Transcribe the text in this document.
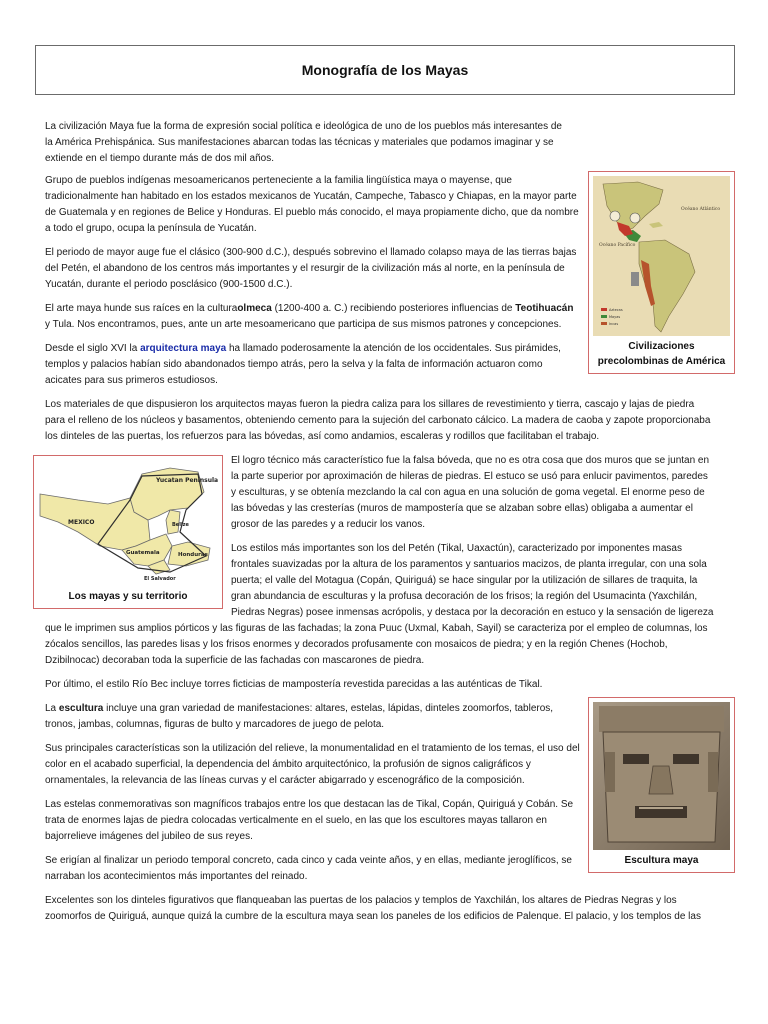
Monografía de los Mayas

La civilización Maya fue la forma de expresión social política e ideológica de uno de los pueblos más interesantes de la América Prehispánica. Sus manifestaciones abarcan todas las técnicas y materiales que podamos imaginar y se extiende en el tiempo durante más de dos mil años.

Océano Atlántico
Océano Pacífico
Aztecas
Mayas
Incas
Civilizaciones precolombinas de América

Grupo de pueblos indígenas mesoamericanos perteneciente a la familia lingüística maya o mayense, que tradicionalmente han habitado en los estados mexicanos de Yucatán, Campeche, Tabasco y Chiapas, en la mayor parte de Guatemala y en regiones de Belice y Honduras. El pueblo más conocido, el maya propiamente dicho, que da nombre a todo el grupo, ocupa la península de Yucatán.

El periodo de mayor auge fue el clásico (300-900 d.C.), después sobrevino el llamado colapso maya de las tierras bajas del Petén, el abandono de los centros más importantes y el resurgir de la civilización más al norte, en la península de Yucatán, durante el periodo posclásico (900-1500 d.C.).

El arte maya hunde sus raíces en la culturaolmeca (1200-400 a. C.) recibiendo posteriores influencias de Teotihuacán y Tula. Nos encontramos, pues, ante un arte mesoamericano que participa de sus mismos patrones y concepciones.

Desde el siglo XVI la arquitectura maya ha llamado poderosamente la atención de los occidentales. Sus pirámides, templos y palacios habían sido abandonados tiempo atrás, pero la selva y la falta de información actuaron como acicates para sus primeros estudiosos.

Los materiales de que dispusieron los arquitectos mayas fueron la piedra caliza para los sillares de revestimiento y tierra, cascajo y lajas de piedra para el relleno de los núcleos y basamentos, obteniendo cemento para la sujeción del carbonato cálcico. La madera de caoba y zapote proporcionaba los dinteles de las puertas, los refuerzos para las bóvedas, así como andamios, escaleras y rodillos que facilitaban el trabajo.

Yucatan Peninsula
MEXICO	Belize
Guatemala	Honduras
El Salvador
Los mayas y su territorio

El logro técnico más característico fue la falsa bóveda, que no es otra cosa que dos muros que se juntan en la parte superior por aproximación de hileras de piedras. El estuco se usó para enlucir pavimentos, paredes y esculturas, y se obtenía mezclando la cal con agua en una solución de goma vegetal. El enorme peso de las bóvedas y las cresterías (muros de mampostería que se alzaban sobre ellas) obligaba a aumentar el grosor de las paredes y a reducir los vanos.

Los estilos más importantes son los del Petén (Tikal, Uaxactún), caracterizado por imponentes masas frontales suavizadas por la altura de los paramentos y santuarios macizos, de planta irregular, con una sola puerta; el valle del Motagua (Copán, Quiriguá) se hace singular por la utilización de sillares de traquita, la gran abundancia de esculturas y la profusa decoración de los frisos; la región del Usumacinta (Yaxchilán, Piedras Negras) posee inmensas acrópolis, y destaca por la decoración en estuco y la sensación de ligereza que le imprimen sus amplios pórticos y las figuras de las fachadas; la zona Puuc (Uxmal, Kabah, Sayil) se caracteriza por el empleo de columnas, los zócalos sencillos, las paredes lisas y los frisos enormes y decorados profusamente con mosaicos de piedra; y en la región Chenes (Hochob, Dzibilnocac) decoraban toda la superficie de las fachadas con mascarones de piedra.

Por último, el estilo Río Bec incluye torres ficticias de mampostería revestida parecidas a las auténticas de Tikal.

Escultura maya

La escultura incluye una gran variedad de manifestaciones: altares, estelas, lápidas, dinteles zoomorfos, tableros, tronos, jambas, columnas, figuras de bulto y marcadores de juego de pelota.

Sus principales características son la utilización del relieve, la monumentalidad en el tratamiento de los temas, el uso del color en el acabado superficial, la dependencia del ámbito arquitectónico, la profusión de signos caligráficos y ornamentales, la relevancia de las líneas curvas y el carácter abigarrado y escenográfico de la composición.

Las estelas conmemorativas son magníficos trabajos entre los que destacan las de Tikal, Copán, Quiriguá y Cobán. Se trata de enormes lajas de piedra colocadas verticalmente en el suelo, en las que los escultores mayas tallaron en bajorrelieve imágenes del jubileo de sus reyes.

Se erigían al finalizar un periodo temporal concreto, cada cinco y cada veinte años, y en ellas, mediante jeroglíficos, se narraban los acontecimientos más importantes del reinado.

Excelentes son los dinteles figurativos que flanqueaban las puertas de los palacios y templos de Yaxchilán, los altares de Piedras Negras y los zoomorfos de Quiriguá, aunque quizá la cumbre de la escultura maya sean los paneles de los edificios de Palenque. El palacio, y los templos de las
